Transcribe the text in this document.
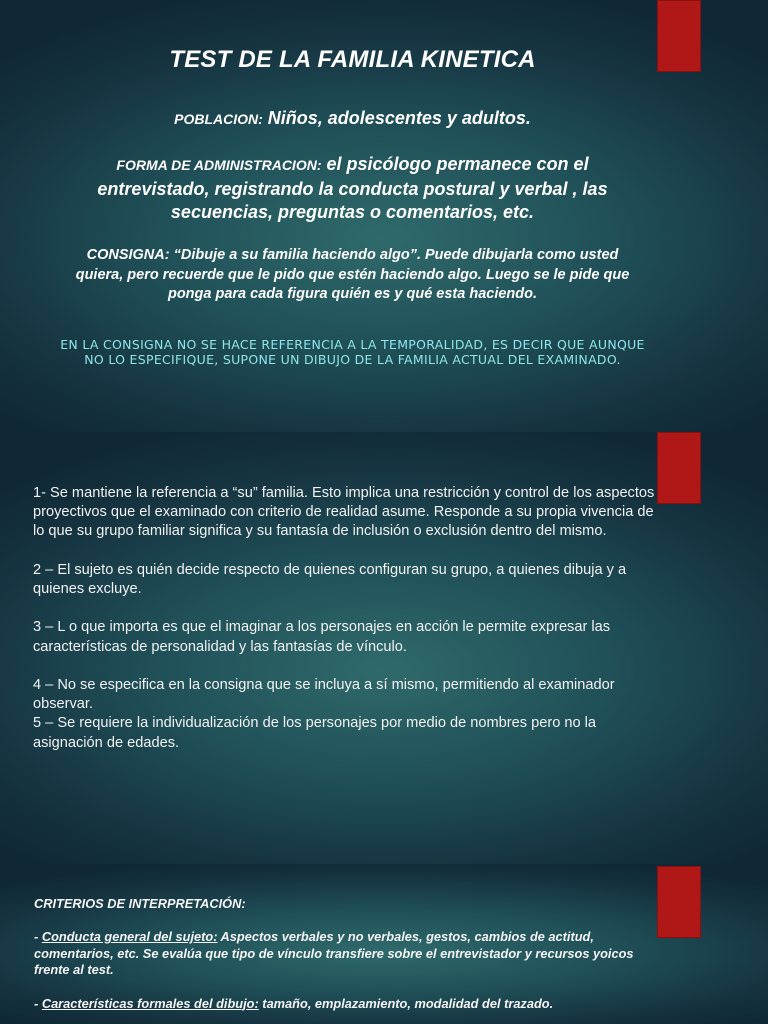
TEST DE LA FAMILIA KINETICA
POBLACION: Niños, adolescentes y adultos.
FORMA DE ADMINISTRACION: el psicólogo permanece con el entrevistado, registrando la conducta postural y verbal , las secuencias, preguntas o comentarios, etc.
CONSIGNA: “Dibuje a su familia haciendo algo”. Puede dibujarla como usted quiera, pero recuerde que le pido que estén haciendo algo. Luego se le pide que ponga para cada figura quién es y qué esta haciendo.
EN LA CONSIGNA NO SE HACE REFERENCIA A LA TEMPORALIDAD, ES DECIR QUE AUNQUE NO LO ESPECIFIQUE, SUPONE UN DIBUJO DE LA FAMILIA ACTUAL DEL EXAMINADO.

1- Se mantiene la referencia a “su” familia. Esto implica una restricción y control de los aspectos proyectivos que el examinado con criterio de realidad asume. Responde a su propia vivencia de lo que su grupo familiar significa y su fantasía de inclusión o exclusión dentro del mismo.

2 – El sujeto es quién decide respecto de quienes configuran su grupo, a quienes dibuja y a quienes excluye.

3 – L o que importa es que el imaginar a los personajes en acción le permite expresar las características de personalidad y las fantasías de vínculo.

4 – No se especifica en la consigna que se incluya a sí mismo, permitiendo al examinador observar.

5 – Se requiere la individualización de los personajes por medio de nombres pero no la asignación de edades.

CRITERIOS DE INTERPRETACIÓN:

- Conducta general del sujeto: Aspectos verbales y no verbales, gestos, cambios de actitud, comentarios, etc. Se evalúa que tipo de vínculo transfiere sobre el entrevistador y recursos yoicos frente al test.

- Características formales del dibujo: tamaño, emplazamiento, modalidad del trazado.
